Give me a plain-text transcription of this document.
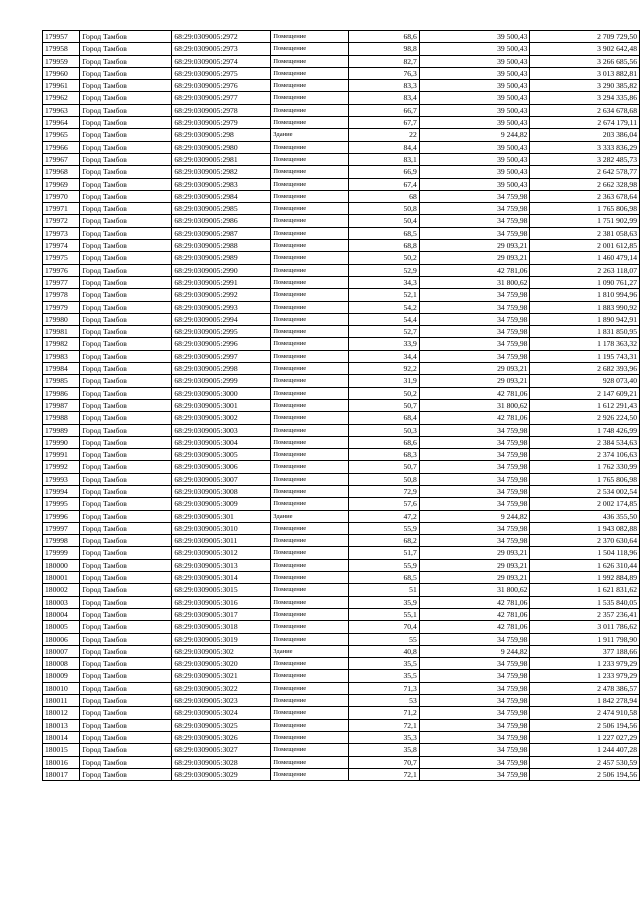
179957	Город Тамбов	68:29:0309005:2972	Помещение	68,6	39 500,43	2 709 729,50
179958	Город Тамбов	68:29:0309005:2973	Помещение	98,8	39 500,43	3 902 642,48
179959	Город Тамбов	68:29:0309005:2974	Помещение	82,7	39 500,43	3 266 685,56
179960	Город Тамбов	68:29:0309005:2975	Помещение	76,3	39 500,43	3 013 882,81
179961	Город Тамбов	68:29:0309005:2976	Помещение	83,3	39 500,43	3 290 385,82
179962	Город Тамбов	68:29:0309005:2977	Помещение	83,4	39 500,43	3 294 335,86
179963	Город Тамбов	68:29:0309005:2978	Помещение	66,7	39 500,43	2 634 678,68
179964	Город Тамбов	68:29:0309005:2979	Помещение	67,7	39 500,43	2 674 179,11
179965	Город Тамбов	68:29:0309005:298	Здание	22	9 244,82	203 386,04
179966	Город Тамбов	68:29:0309005:2980	Помещение	84,4	39 500,43	3 333 836,29
179967	Город Тамбов	68:29:0309005:2981	Помещение	83,1	39 500,43	3 282 485,73
179968	Город Тамбов	68:29:0309005:2982	Помещение	66,9	39 500,43	2 642 578,77
179969	Город Тамбов	68:29:0309005:2983	Помещение	67,4	39 500,43	2 662 328,98
179970	Город Тамбов	68:29:0309005:2984	Помещение	68	34 759,98	2 363 678,64
179971	Город Тамбов	68:29:0309005:2985	Помещение	50,8	34 759,98	1 765 806,98
179972	Город Тамбов	68:29:0309005:2986	Помещение	50,4	34 759,98	1 751 902,99
179973	Город Тамбов	68:29:0309005:2987	Помещение	68,5	34 759,98	2 381 058,63
179974	Город Тамбов	68:29:0309005:2988	Помещение	68,8	29 093,21	2 001 612,85
179975	Город Тамбов	68:29:0309005:2989	Помещение	50,2	29 093,21	1 460 479,14
179976	Город Тамбов	68:29:0309005:2990	Помещение	52,9	42 781,06	2 263 118,07
179977	Город Тамбов	68:29:0309005:2991	Помещение	34,3	31 800,62	1 090 761,27
179978	Город Тамбов	68:29:0309005:2992	Помещение	52,1	34 759,98	1 810 994,96
179979	Город Тамбов	68:29:0309005:2993	Помещение	54,2	34 759,98	1 883 990,92
179980	Город Тамбов	68:29:0309005:2994	Помещение	54,4	34 759,98	1 890 942,91
179981	Город Тамбов	68:29:0309005:2995	Помещение	52,7	34 759,98	1 831 850,95
179982	Город Тамбов	68:29:0309005:2996	Помещение	33,9	34 759,98	1 178 363,32
179983	Город Тамбов	68:29:0309005:2997	Помещение	34,4	34 759,98	1 195 743,31
179984	Город Тамбов	68:29:0309005:2998	Помещение	92,2	29 093,21	2 682 393,96
179985	Город Тамбов	68:29:0309005:2999	Помещение	31,9	29 093,21	928 073,40
179986	Город Тамбов	68:29:0309005:3000	Помещение	50,2	42 781,06	2 147 609,21
179987	Город Тамбов	68:29:0309005:3001	Помещение	50,7	31 800,62	1 612 291,43
179988	Город Тамбов	68:29:0309005:3002	Помещение	68,4	42 781,06	2 926 224,50
179989	Город Тамбов	68:29:0309005:3003	Помещение	50,3	34 759,98	1 748 426,99
179990	Город Тамбов	68:29:0309005:3004	Помещение	68,6	34 759,98	2 384 534,63
179991	Город Тамбов	68:29:0309005:3005	Помещение	68,3	34 759,98	2 374 106,63
179992	Город Тамбов	68:29:0309005:3006	Помещение	50,7	34 759,98	1 762 330,99
179993	Город Тамбов	68:29:0309005:3007	Помещение	50,8	34 759,98	1 765 806,98
179994	Город Тамбов	68:29:0309005:3008	Помещение	72,9	34 759,98	2 534 002,54
179995	Город Тамбов	68:29:0309005:3009	Помещение	57,6	34 759,98	2 002 174,85
179996	Город Тамбов	68:29:0309005:301	Здание	47,2	9 244,82	436 355,50
179997	Город Тамбов	68:29:0309005:3010	Помещение	55,9	34 759,98	1 943 082,88
179998	Город Тамбов	68:29:0309005:3011	Помещение	68,2	34 759,98	2 370 630,64
179999	Город Тамбов	68:29:0309005:3012	Помещение	51,7	29 093,21	1 504 118,96
180000	Город Тамбов	68:29:0309005:3013	Помещение	55,9	29 093,21	1 626 310,44
180001	Город Тамбов	68:29:0309005:3014	Помещение	68,5	29 093,21	1 992 884,89
180002	Город Тамбов	68:29:0309005:3015	Помещение	51	31 800,62	1 621 831,62
180003	Город Тамбов	68:29:0309005:3016	Помещение	35,9	42 781,06	1 535 840,05
180004	Город Тамбов	68:29:0309005:3017	Помещение	55,1	42 781,06	2 357 236,41
180005	Город Тамбов	68:29:0309005:3018	Помещение	70,4	42 781,06	3 011 786,62
180006	Город Тамбов	68:29:0309005:3019	Помещение	55	34 759,98	1 911 798,90
180007	Город Тамбов	68:29:0309005:302	Здание	40,8	9 244,82	377 188,66
180008	Город Тамбов	68:29:0309005:3020	Помещение	35,5	34 759,98	1 233 979,29
180009	Город Тамбов	68:29:0309005:3021	Помещение	35,5	34 759,98	1 233 979,29
180010	Город Тамбов	68:29:0309005:3022	Помещение	71,3	34 759,98	2 478 386,57
180011	Город Тамбов	68:29:0309005:3023	Помещение	53	34 759,98	1 842 278,94
180012	Город Тамбов	68:29:0309005:3024	Помещение	71,2	34 759,98	2 474 910,58
180013	Город Тамбов	68:29:0309005:3025	Помещение	72,1	34 759,98	2 506 194,56
180014	Город Тамбов	68:29:0309005:3026	Помещение	35,3	34 759,98	1 227 027,29
180015	Город Тамбов	68:29:0309005:3027	Помещение	35,8	34 759,98	1 244 407,28
180016	Город Тамбов	68:29:0309005:3028	Помещение	70,7	34 759,98	2 457 530,59
180017	Город Тамбов	68:29:0309005:3029	Помещение	72,1	34 759,98	2 506 194,56
